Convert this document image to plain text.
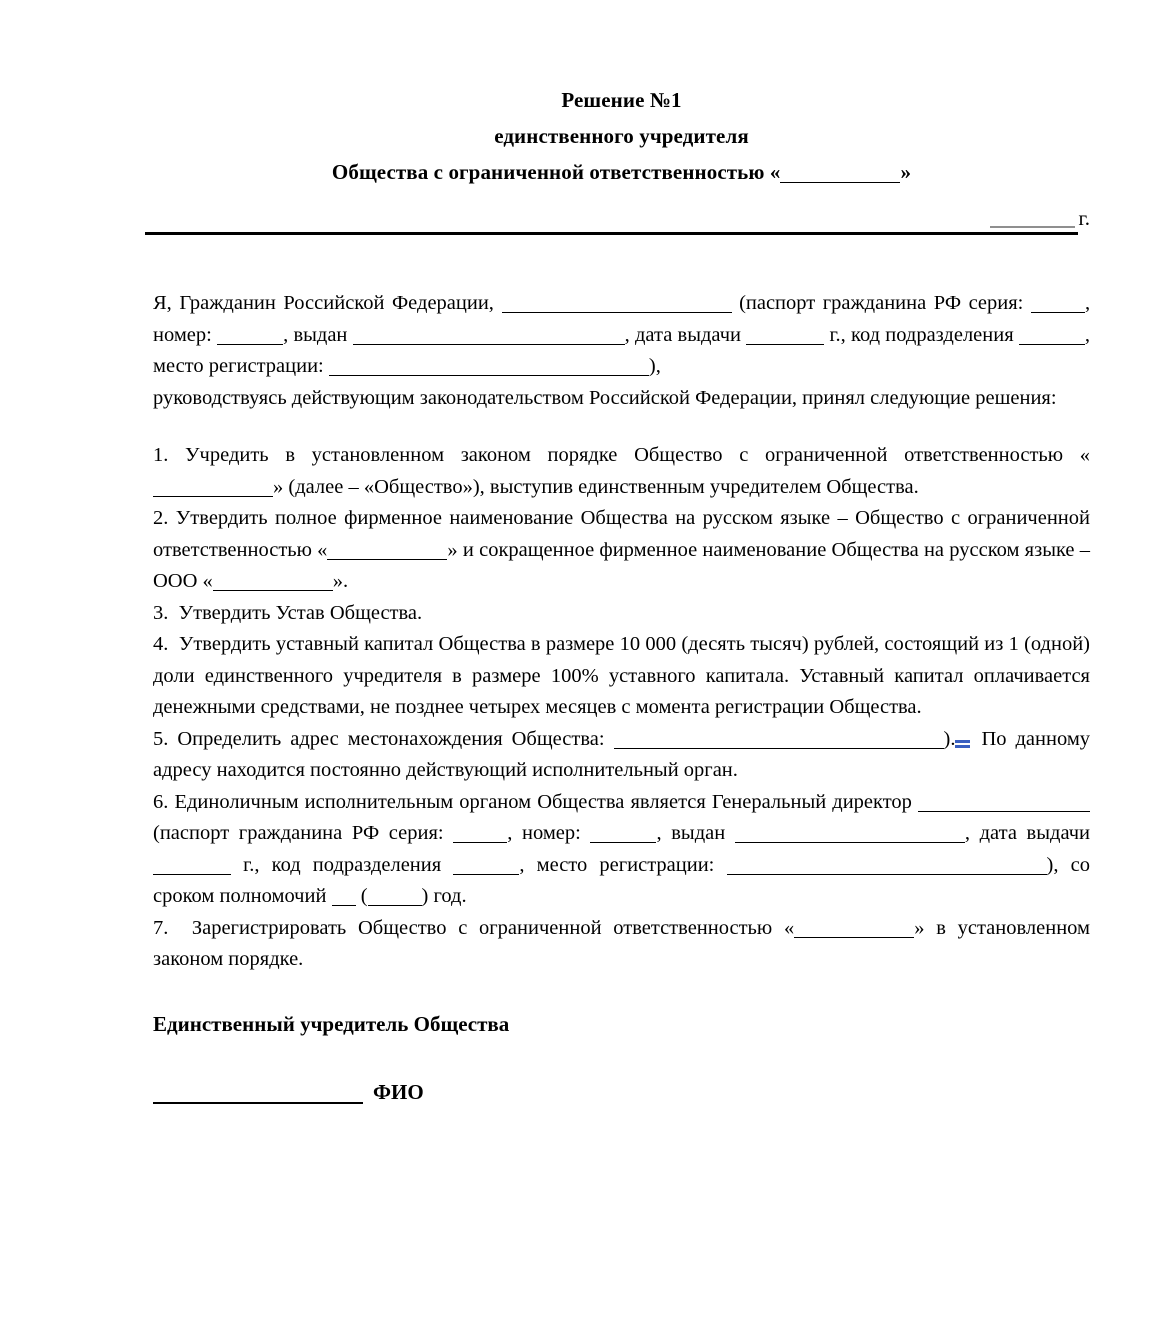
Решение №1
единственного учредителя
Общества с ограниченной ответственностью «	»
г.

Я, Гражданин Российской Федерации,	(паспорт гражданина РФ серия:	, номер:	, выдан	, дата выдачи	г., код подразделения	, место регистрации:	),

руководствуясь действующим законодательством Российской Федерации, принял следующие решения:

1. Учредить в установленном законом порядке Общество с ограниченной ответственностью «» (далее – «Общество»), выступив единственным учредителем Общества.

2. Утвердить полное фирменное наименование Общества на русском языке – Общество с ограниченной ответственностью «	» и сокращенное фирменное наименование Общества на русском языке – ООО «	».

3. Утвердить Устав Общества.

4. Утвердить уставный капитал Общества в размере 10 000 (десять тысяч) рублей, состоящий из 1 (одной) доли единственного учредителя в размере 100% уставного капитала. Уставный капитал оплачивается денежными средствами, не позднее четырех месяцев с момента регистрации Общества.

5. Определить адрес местонахождения Общества:	). По данному адресу находится постоянно действующий исполнительный орган.

6. Единоличным исполнительным органом Общества является Генеральный директор  (паспорт гражданина РФ серия:	, номер:	, выдан	, дата выдачи  г., код подразделения	, место регистрации:	), со сроком полномочий (	) год.

7. Зарегистрировать Общество с ограниченной ответственностью «	» в установленном законом порядке.

Единственный учредитель Общества
ФИО
